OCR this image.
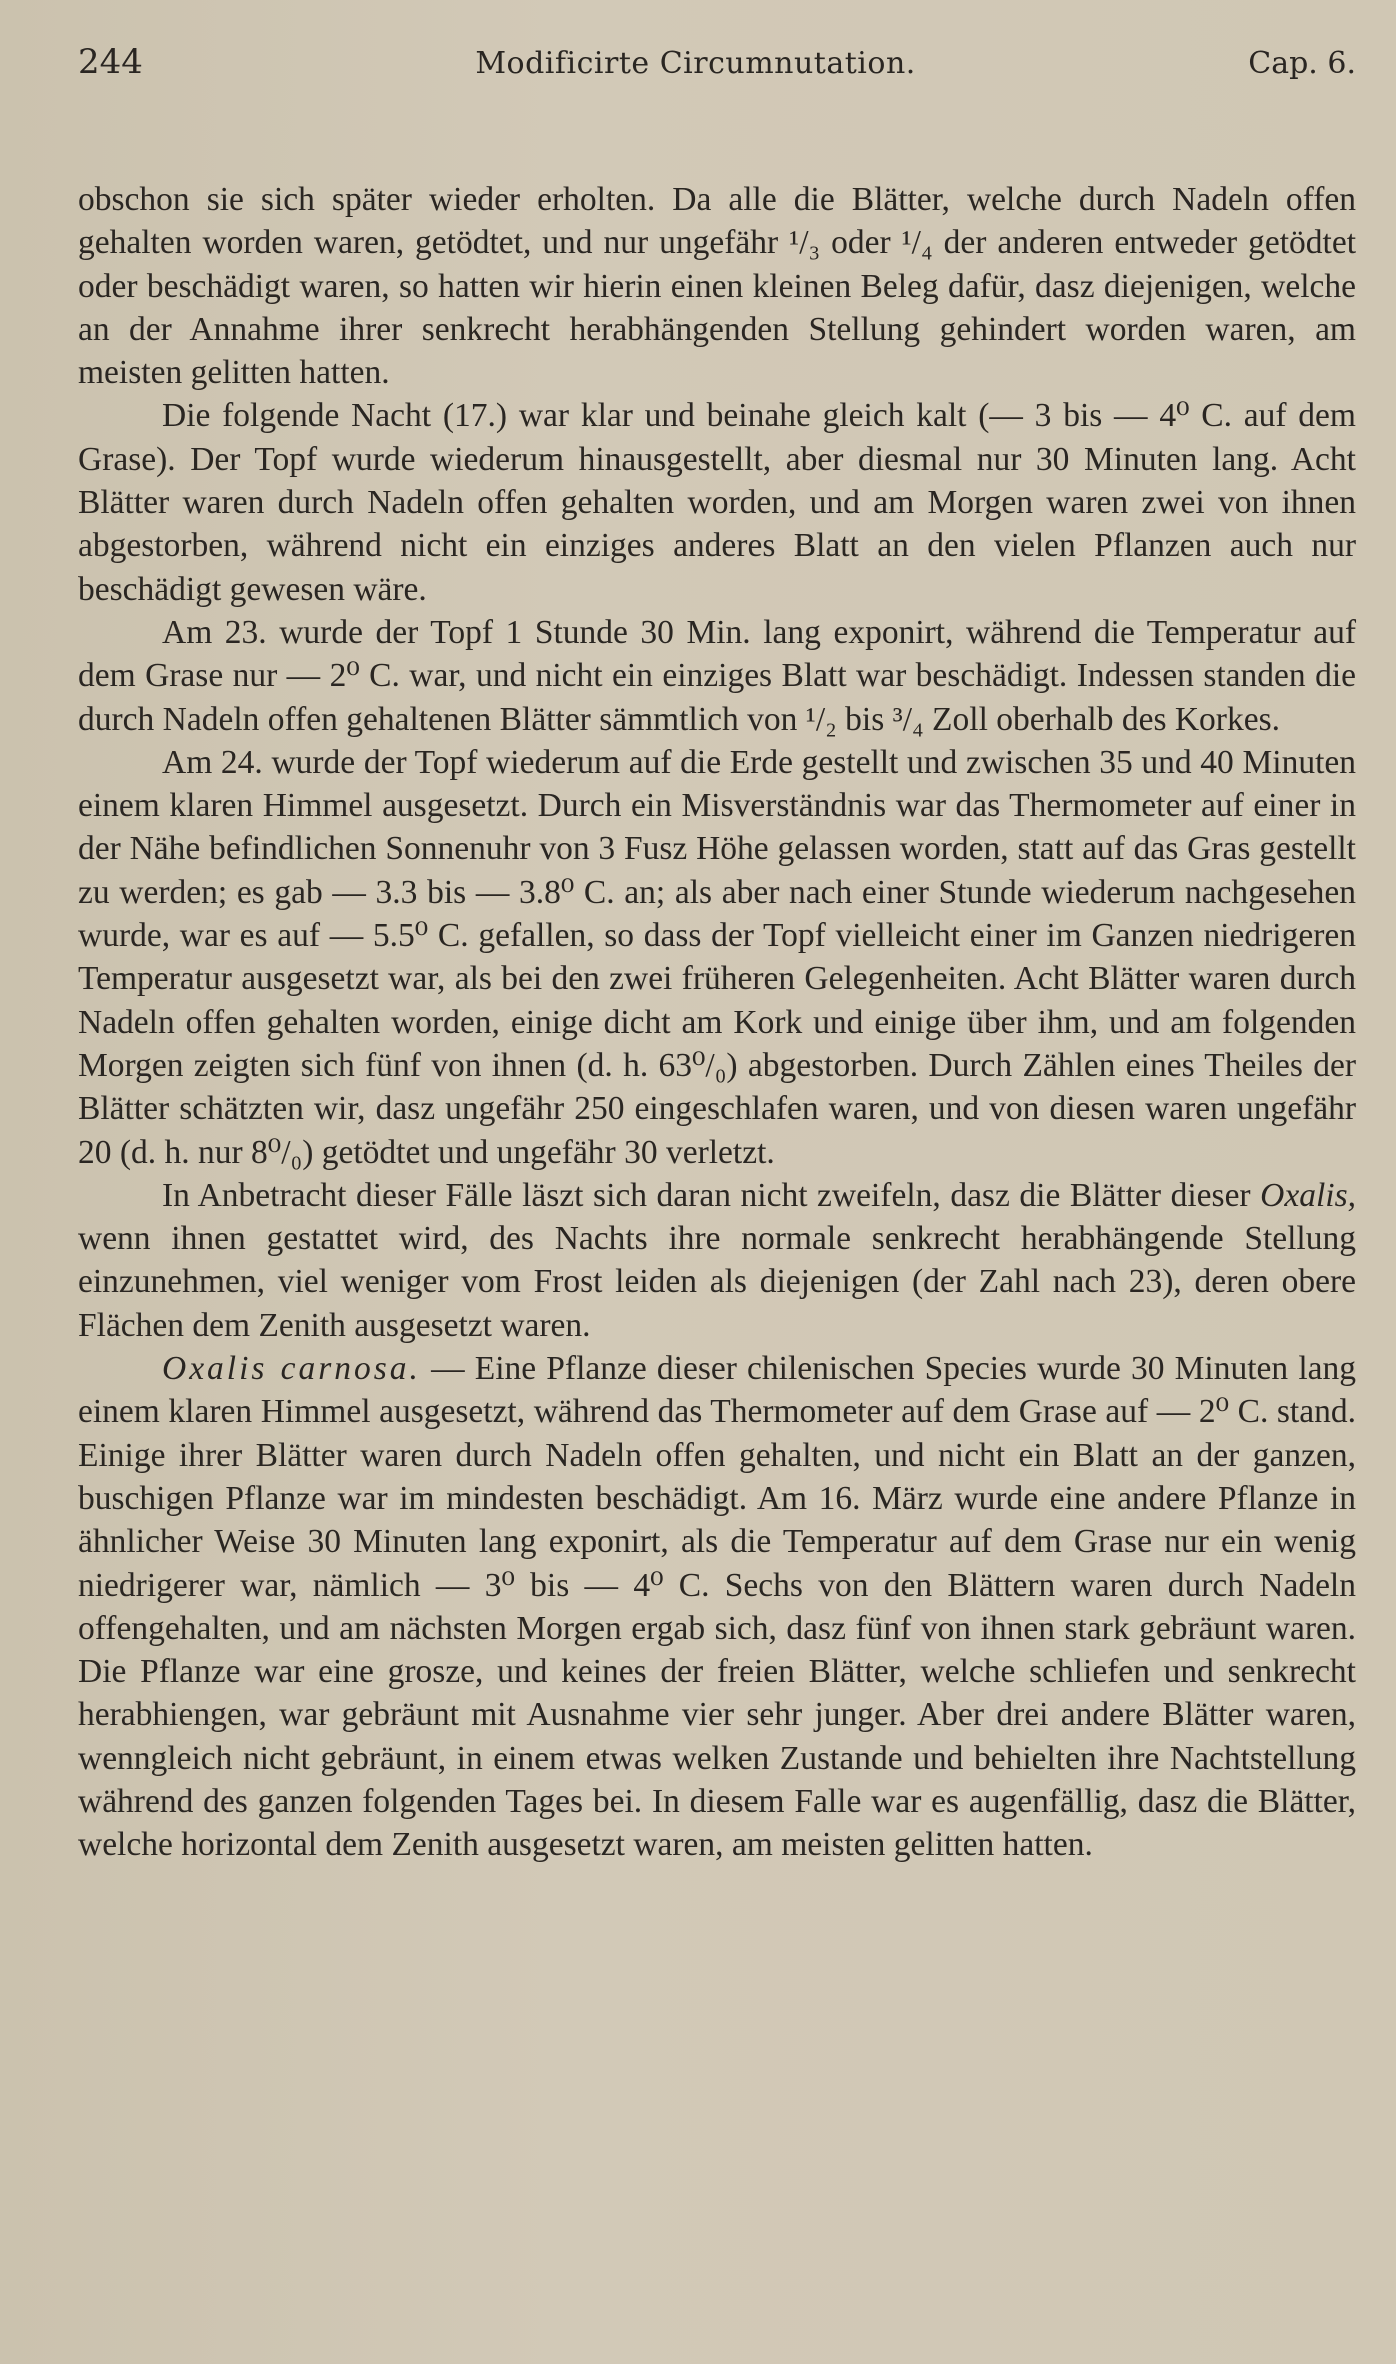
244	Modificirte Circumnutation.	Cap. 6.

obschon sie sich später wieder erholten. Da alle die Blätter, welche durch Nadeln offen gehalten worden waren, getödtet, und nur ungefähr ¹/₃ oder ¹/₄ der anderen entweder getödtet oder beschädigt waren, so hatten wir hierin einen kleinen Beleg dafür, dasz diejenigen, welche an der Annahme ihrer senkrecht herabhängenden Stellung gehindert worden waren, am meisten gelitten hatten.

Die folgende Nacht (17.) war klar und beinahe gleich kalt (— 3 bis — 4⁰ C. auf dem Grase). Der Topf wurde wiederum hinausgestellt, aber diesmal nur 30 Minuten lang. Acht Blätter waren durch Nadeln offen gehalten worden, und am Morgen waren zwei von ihnen abgestorben, während nicht ein einziges anderes Blatt an den vielen Pflanzen auch nur beschädigt gewesen wäre.

Am 23. wurde der Topf 1 Stunde 30 Min. lang exponirt, während die Temperatur auf dem Grase nur — 2⁰ C. war, und nicht ein einziges Blatt war beschädigt. Indessen standen die durch Nadeln offen gehaltenen Blätter sämmtlich von ¹/₂ bis ³/₄ Zoll oberhalb des Korkes.

Am 24. wurde der Topf wiederum auf die Erde gestellt und zwischen 35 und 40 Minuten einem klaren Himmel ausgesetzt. Durch ein Misverständnis war das Thermometer auf einer in der Nähe befindlichen Sonnenuhr von 3 Fusz Höhe gelassen worden, statt auf das Gras gestellt zu werden; es gab — 3.3 bis — 3.8⁰ C. an; als aber nach einer Stunde wiederum nachgesehen wurde, war es auf — 5.5⁰ C. gefallen, so dass der Topf vielleicht einer im Ganzen niedrigeren Temperatur ausgesetzt war, als bei den zwei früheren Gelegenheiten. Acht Blätter waren durch Nadeln offen gehalten worden, einige dicht am Kork und einige über ihm, und am folgenden Morgen zeigten sich fünf von ihnen (d. h. 63⁰/₀) abgestorben. Durch Zählen eines Theiles der Blätter schätzten wir, dasz ungefähr 250 eingeschlafen waren, und von diesen waren ungefähr 20 (d. h. nur 8⁰/₀) getödtet und ungefähr 30 verletzt.

In Anbetracht dieser Fälle läszt sich daran nicht zweifeln, dasz die Blätter dieser Oxalis, wenn ihnen gestattet wird, des Nachts ihre normale senkrecht herabhängende Stellung einzunehmen, viel weniger vom Frost leiden als diejenigen (der Zahl nach 23), deren obere Flächen dem Zenith ausgesetzt waren.

Oxalis carnosa. — Eine Pflanze dieser chilenischen Species wurde 30 Minuten lang einem klaren Himmel ausgesetzt, während das Thermometer auf dem Grase auf — 2⁰ C. stand. Einige ihrer Blätter waren durch Nadeln offen gehalten, und nicht ein Blatt an der ganzen, buschigen Pflanze war im mindesten beschädigt. Am 16. März wurde eine andere Pflanze in ähnlicher Weise 30 Minuten lang exponirt, als die Temperatur auf dem Grase nur ein wenig niedrigerer war, nämlich — 3⁰ bis — 4⁰ C. Sechs von den Blättern waren durch Nadeln offengehalten, und am nächsten Morgen ergab sich, dasz fünf von ihnen stark gebräunt waren. Die Pflanze war eine grosze, und keines der freien Blätter, welche schliefen und senkrecht herabhiengen, war gebräunt mit Ausnahme vier sehr junger. Aber drei andere Blätter waren, wenngleich nicht gebräunt, in einem etwas welken Zustande und behielten ihre Nachtstellung während des ganzen folgenden Tages bei. In diesem Falle war es augenfällig, dasz die Blätter, welche horizontal dem Zenith ausgesetzt waren, am meisten gelitten hatten.
